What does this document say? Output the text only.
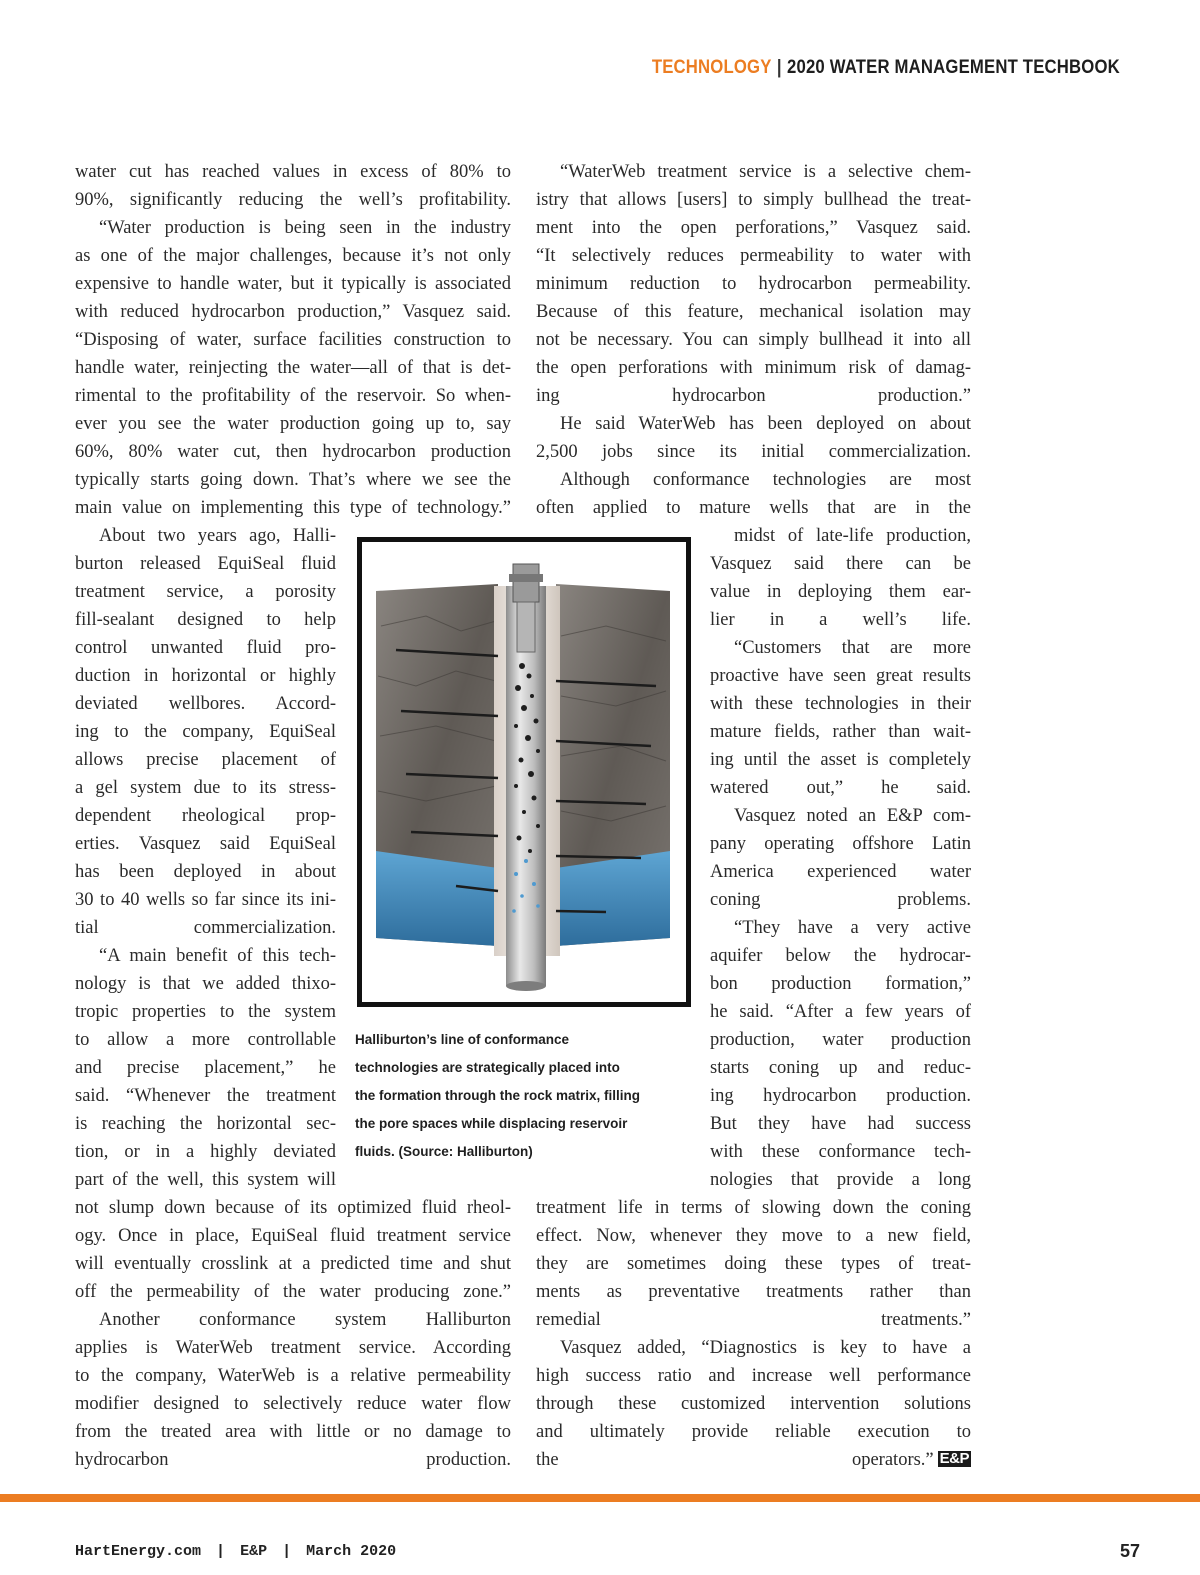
TECHNOLOGY | 2020 WATER MANAGEMENT TECHBOOK
water cut has reached values in excess of 80% to
90%, significantly reducing the well’s profitability.
“Water production is being seen in the industry
as one of the major challenges, because it’s not only
expensive to handle water, but it typically is associated
with reduced hydrocarbon production,” Vasquez said.
“Disposing of water, surface facilities construction to
handle water, reinjecting the water—all of that is det-
rimental to the profitability of the reservoir. So when-
ever you see the water production going up to, say
60%, 80% water cut, then hydrocarbon production
typically starts going down. That’s where we see the
main value on implementing this type of technology.”
About two years ago, Halli-
burton released EquiSeal fluid
treatment service, a porosity
fill-sealant designed to help
control unwanted fluid pro-
duction in horizontal or highly
deviated wellbores. Accord-
ing to the company, EquiSeal
allows precise placement of
a gel system due to its stress-
dependent rheological prop-
erties. Vasquez said EquiSeal
has been deployed in about
30 to 40 wells so far since its ini-
tial commercialization.
“A main benefit of this tech-
nology is that we added thixo-
tropic properties to the system
to allow a more controllable
and precise placement,” he
said. “Whenever the treatment
is reaching the horizontal sec-
tion, or in a highly deviated
part of the well, this system will
not slump down because of its optimized fluid rheol-
ogy. Once in place, EquiSeal fluid treatment service
will eventually crosslink at a predicted time and shut
off the permeability of the water producing zone.”
Another conformance system Halliburton
applies is WaterWeb treatment service. According
to the company, WaterWeb is a relative permeability
modifier designed to selectively reduce water flow
from the treated area with little or no damage to
hydrocarbon production.
“WaterWeb treatment service is a selective chem-
istry that allows [users] to simply bullhead the treat-
ment into the open perforations,” Vasquez said.
“It selectively reduces permeability to water with
minimum reduction to hydrocarbon permeability.
Because of this feature, mechanical isolation may
not be necessary. You can simply bullhead it into all
the open perforations with minimum risk of damag-
ing hydrocarbon production.”
He said WaterWeb has been deployed on about
2,500 jobs since its initial commercialization.
Although conformance technologies are most
often applied to mature wells that are in the
midst of late-life production,
Vasquez said there can be
value in deploying them ear-
lier in a well’s life.
“Customers that are more
proactive have seen great results
with these technologies in their
mature fields, rather than wait-
ing until the asset is completely
watered out,” he said.
Vasquez noted an E&P com-
pany operating offshore Latin
America experienced water
coning problems.
“They have a very active
aquifer below the hydrocar-
bon production formation,”
he said. “After a few years of
production, water production
starts coning up and reduc-
ing hydrocarbon production.
But they have had success
with these conformance tech-
nologies that provide a long
treatment life in terms of slowing down the coning
effect. Now, whenever they move to a new field,
they are sometimes doing these types of treat-
ments as preventative treatments rather than
remedial treatments.”
Vasquez added, “Diagnostics is key to have a
high success ratio and increase well performance
through these customized intervention solutions
and ultimately provide reliable execution to
the operators.” E&P
Halliburton’s line of conformance
technologies are strategically placed into
the formation through the rock matrix, filling
the pore spaces while displacing reservoir
fluids. (Source: Halliburton)
HartEnergy.com | E&P | March 2020	57
